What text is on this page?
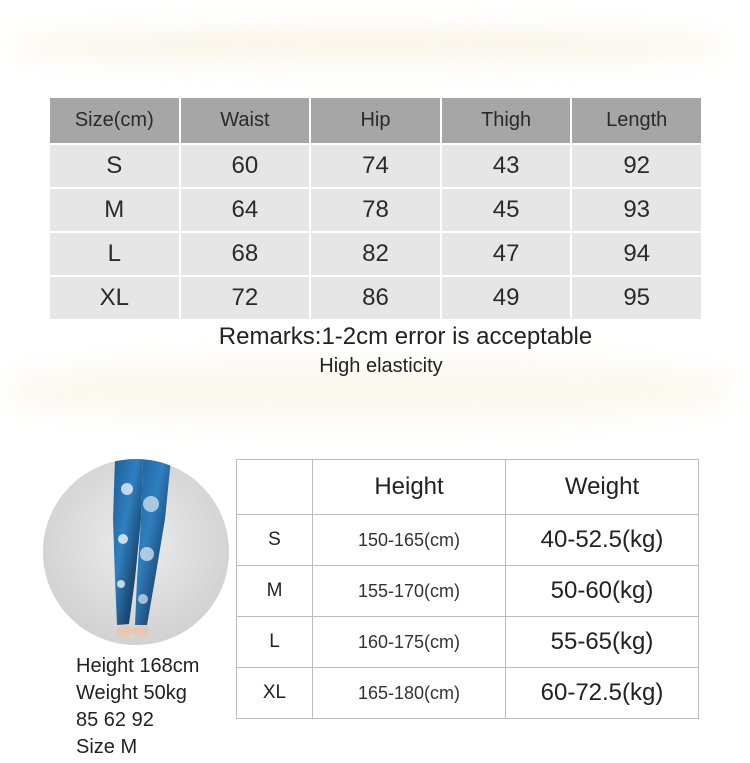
Size(cm)	Waist	Hip	Thigh	Length
S	60	74	43	92
M	64	78	45	93
L	68	82	47	94
XL	72	86	49	95
Remarks:1-2cm error is acceptable
High elasticity
Height 168cm
Weight 50kg
85 62 92
Size M
	Height	Weight
S	150-165(cm)	40-52.5(kg)
M	155-170(cm)	50-60(kg)
L	160-175(cm)	55-65(kg)
XL	165-180(cm)	60-72.5(kg)
